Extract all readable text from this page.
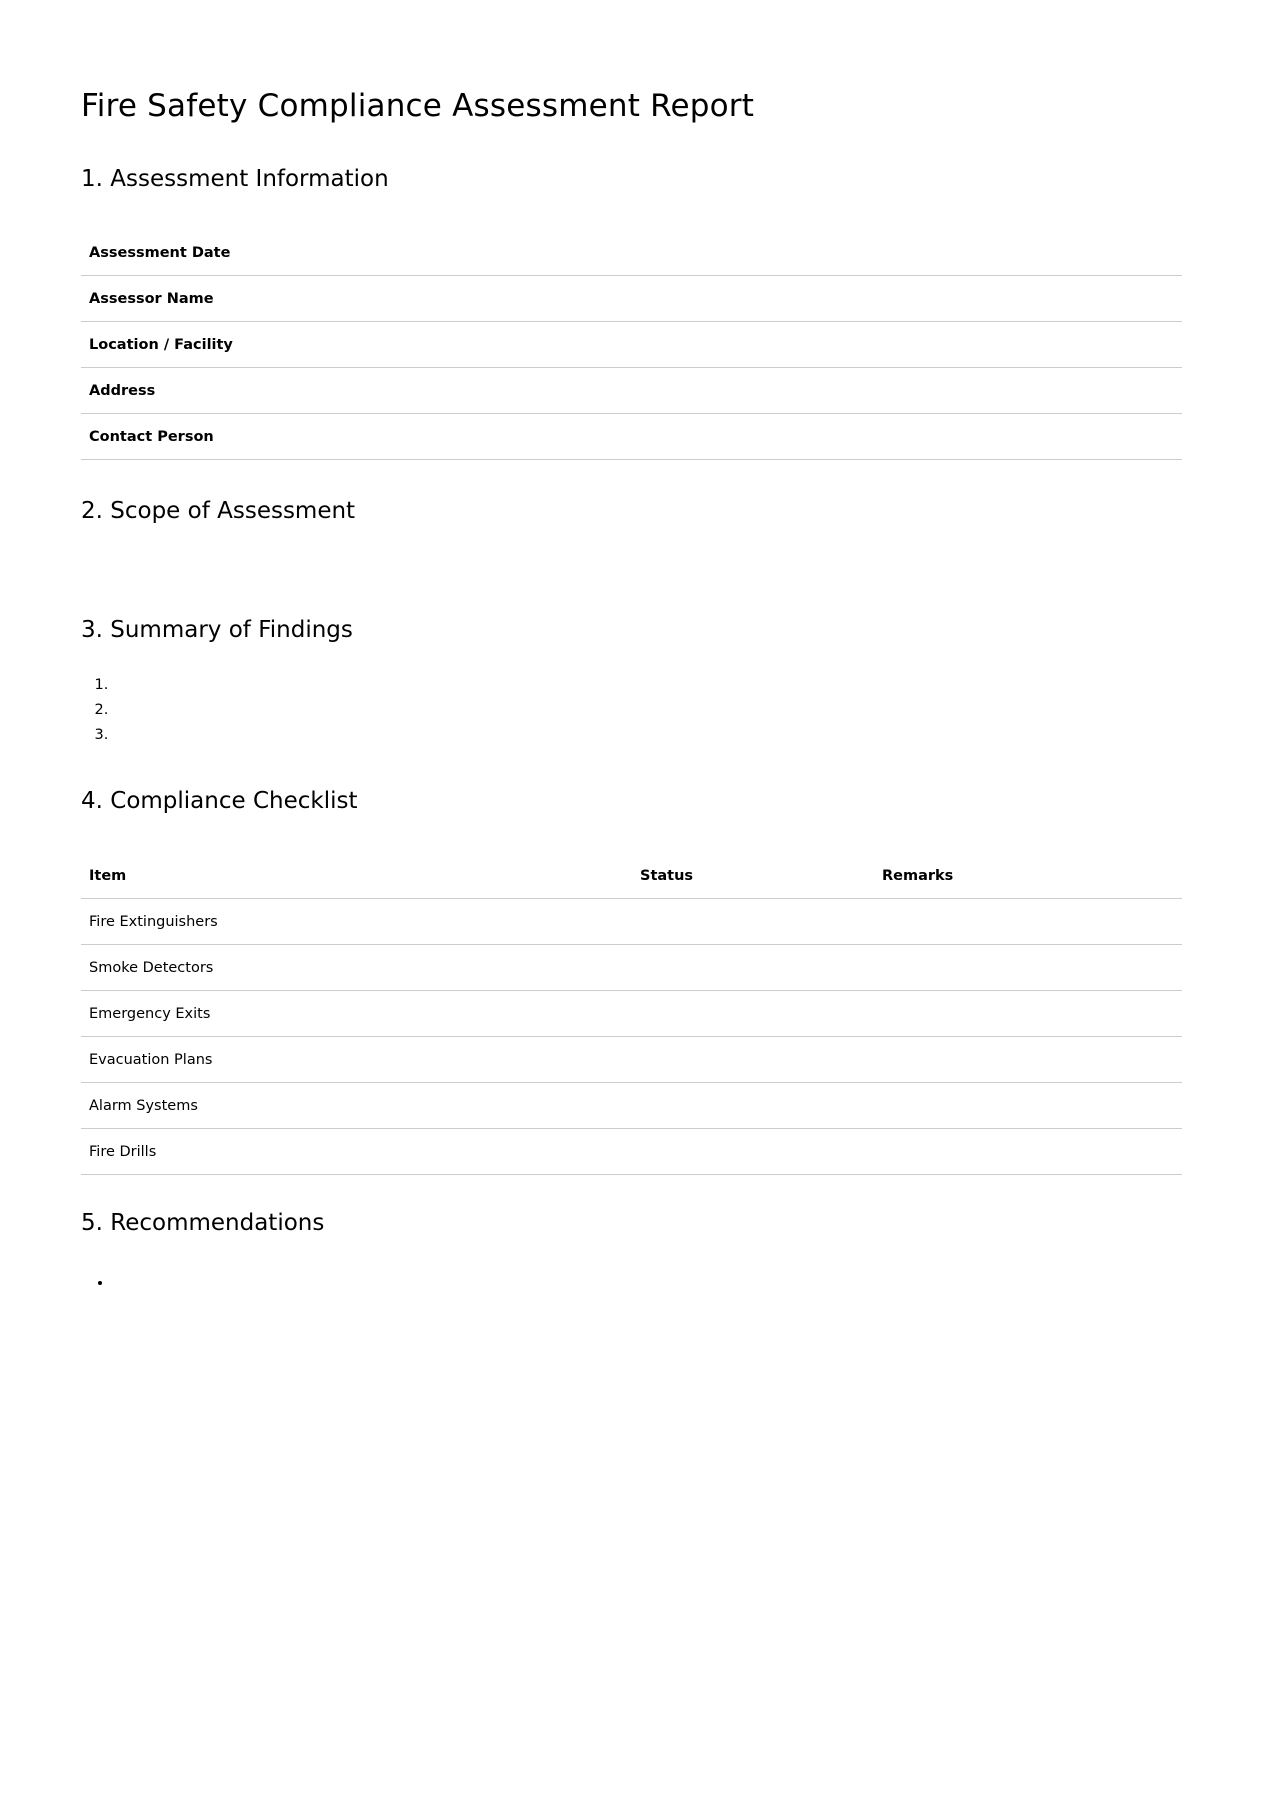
Fire Safety Compliance Assessment Report
1. Assessment Information
Assessment Date	
Assessor Name	
Location / Facility	
Address	
Contact Person	
2. Scope of Assessment
3. Summary of Findings
4. Compliance Checklist
Item	Status	Remarks
Fire Extinguishers		
Smoke Detectors		
Emergency Exits		
Evacuation Plans		
Alarm Systems		
Fire Drills		
5. Recommendations
